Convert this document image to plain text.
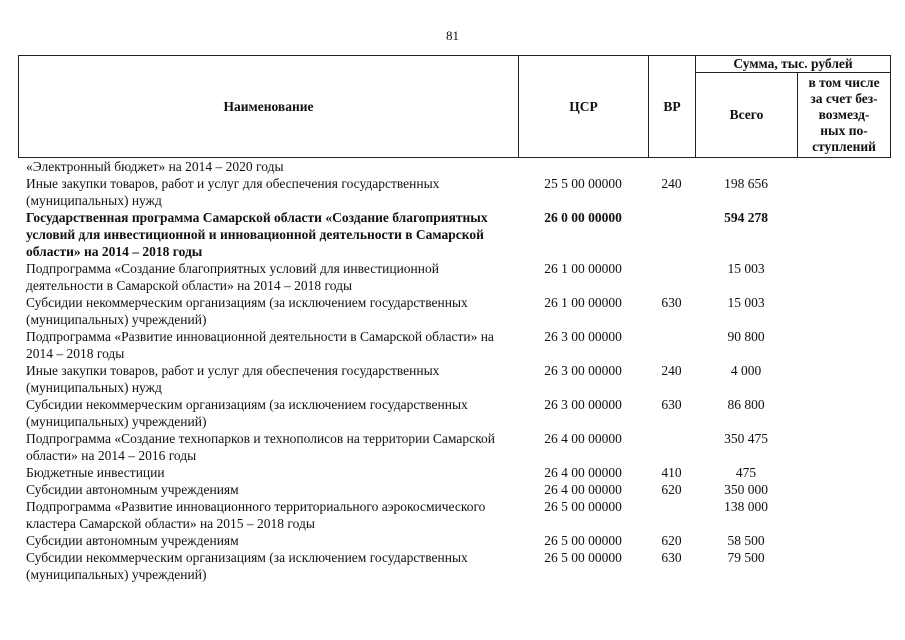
81
Наименование	ЦСР	ВР	Сумма, тыс. рублей	
			Всего	в том числе
за счет без-
возмезд-
ных по-
ступлений
«Электронный бюджет» на 2014 – 2020 годы				
Иные закупки товаров, работ и услуг для обеспечения государственных (муниципальных) нужд	25 5 00 00000	240	198 656	
Государственная программа Самарской области «Создание благоприятных условий для инвестиционной и инновационной деятельности в Самарской области» на 2014 – 2018 годы	26 0 00 00000		594 278	
Подпрограмма «Создание благоприятных условий для инвестиционной деятельности в Самарской области» на 2014 – 2018 годы	26 1 00 00000		15 003	
Субсидии некоммерческим организациям (за исключением государственных (муниципальных) учреждений)	26 1 00 00000	630	15 003	
Подпрограмма «Развитие инновационной деятельности в Самарской области» на 2014 – 2018 годы	26 3 00 00000		90 800	
Иные закупки товаров, работ и услуг для обеспечения государственных (муниципальных) нужд	26 3 00 00000	240	4 000	
Субсидии некоммерческим организациям (за исключением государственных (муниципальных) учреждений)	26 3 00 00000	630	86 800	
Подпрограмма «Создание технопарков и технополисов на территории Самарской области» на 2014 – 2016 годы	26 4 00 00000		350 475	
Бюджетные инвестиции	26 4 00 00000	410	475	
Субсидии автономным учреждениям	26 4 00 00000	620	350 000	
Подпрограмма «Развитие инновационного территориального аэрокосмического кластера Самарской области» на 2015 – 2018 годы	26 5 00 00000		138 000	
Субсидии автономным учреждениям	26 5 00 00000	620	58 500	
Субсидии некоммерческим организациям (за исключением государственных (муниципальных) учреждений)	26 5 00 00000	630	79 500	
